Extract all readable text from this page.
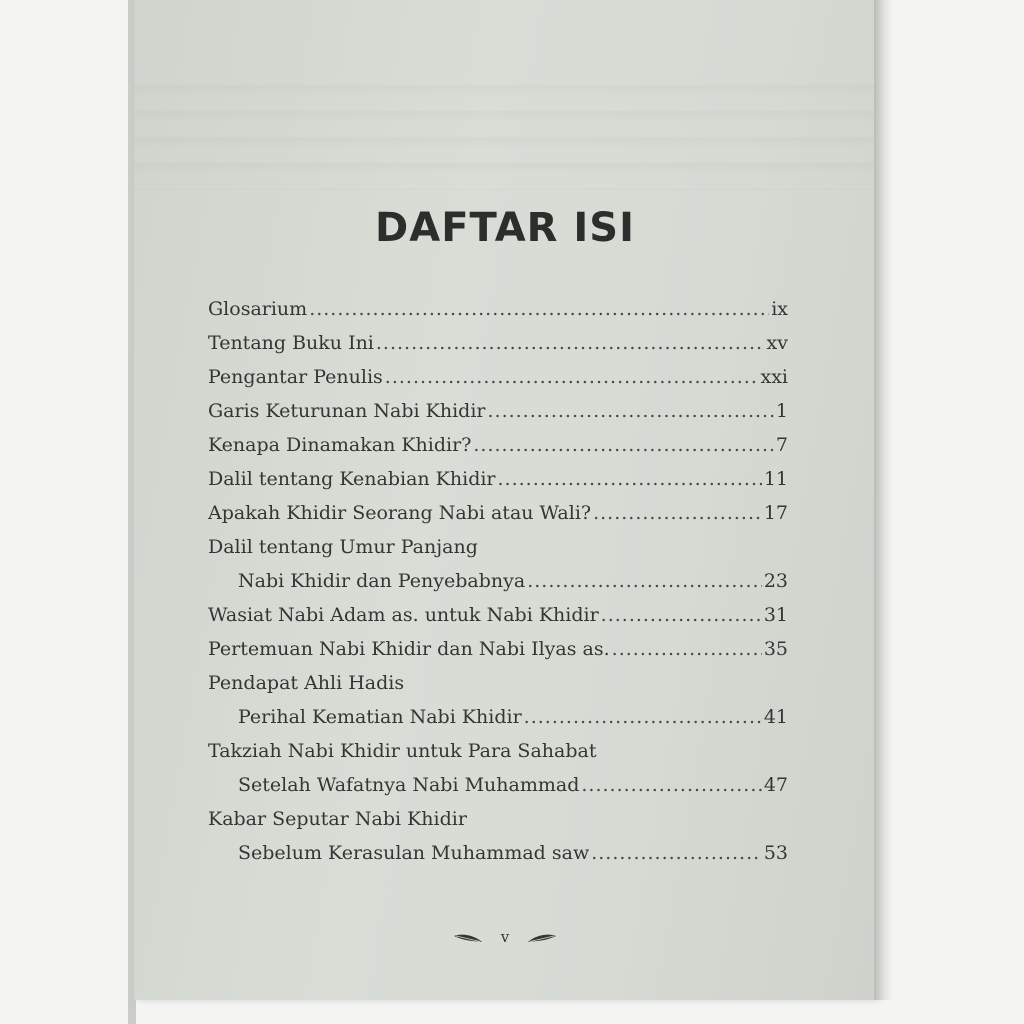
DAFTAR ISI
Glosarium .....	ix
Tentang Buku Ini .....	xv
Pengantar Penulis .....	xxi
Garis Keturunan Nabi Khidir .....	1
Kenapa Dinamakan Khidir? .....	7
Dalil tentang Kenabian Khidir .....	11
Apakah Khidir Seorang Nabi atau Wali? .....	17
Dalil tentang Umur Panjang
Nabi Khidir dan Penyebabnya .....	23
Wasiat Nabi Adam as. untuk Nabi Khidir .....	31
Pertemuan Nabi Khidir dan Nabi Ilyas as. .....	35
Pendapat Ahli Hadis
Perihal Kematian Nabi Khidir .....	41
Takziah Nabi Khidir untuk Para Sahabat
Setelah Wafatnya Nabi Muhammad .....	47
Kabar Seputar Nabi Khidir
Sebelum Kerasulan Muhammad saw .....	53
v
